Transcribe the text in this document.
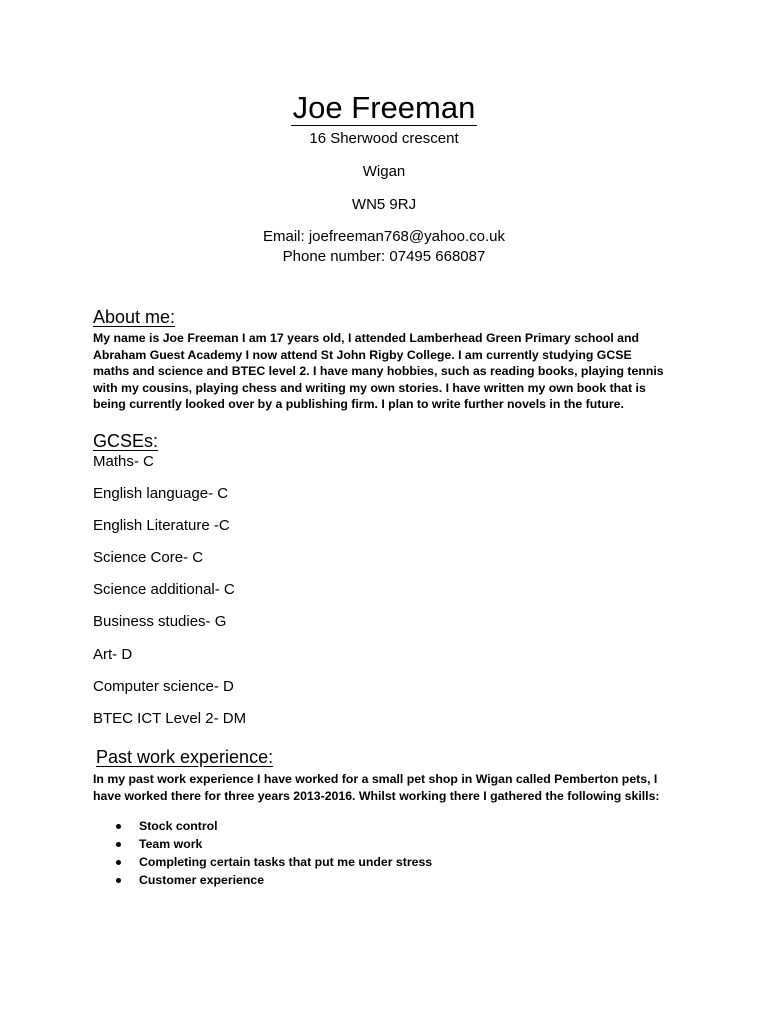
Joe Freeman
16 Sherwood crescent
Wigan
WN5 9RJ
Email: joefreeman768@yahoo.co.uk
Phone number: 07495 668087
About me:

My name is Joe Freeman I am 17 years old, I attended Lamberhead Green Primary school and Abraham Guest Academy I now attend St John Rigby College. I am currently studying GCSE maths and science and BTEC level 2. I have many hobbies, such as reading books, playing tennis with my cousins, playing chess and writing my own stories. I have written my own book that is being currently looked over by a publishing firm. I plan to write further novels in the future.

GCSEs:
Maths- C
English language- C
English Literature -C
Science Core- C
Science additional- C
Business studies- G
Art- D
Computer science- D
BTEC ICT Level 2- DM
Past work experience:

In my past work experience I have worked for a small pet shop in Wigan called Pemberton pets, I have worked there for three years 2013-2016. Whilst working there I gathered the following skills:

Stock control
Team work
Completing certain tasks that put me under stress
Customer experience
